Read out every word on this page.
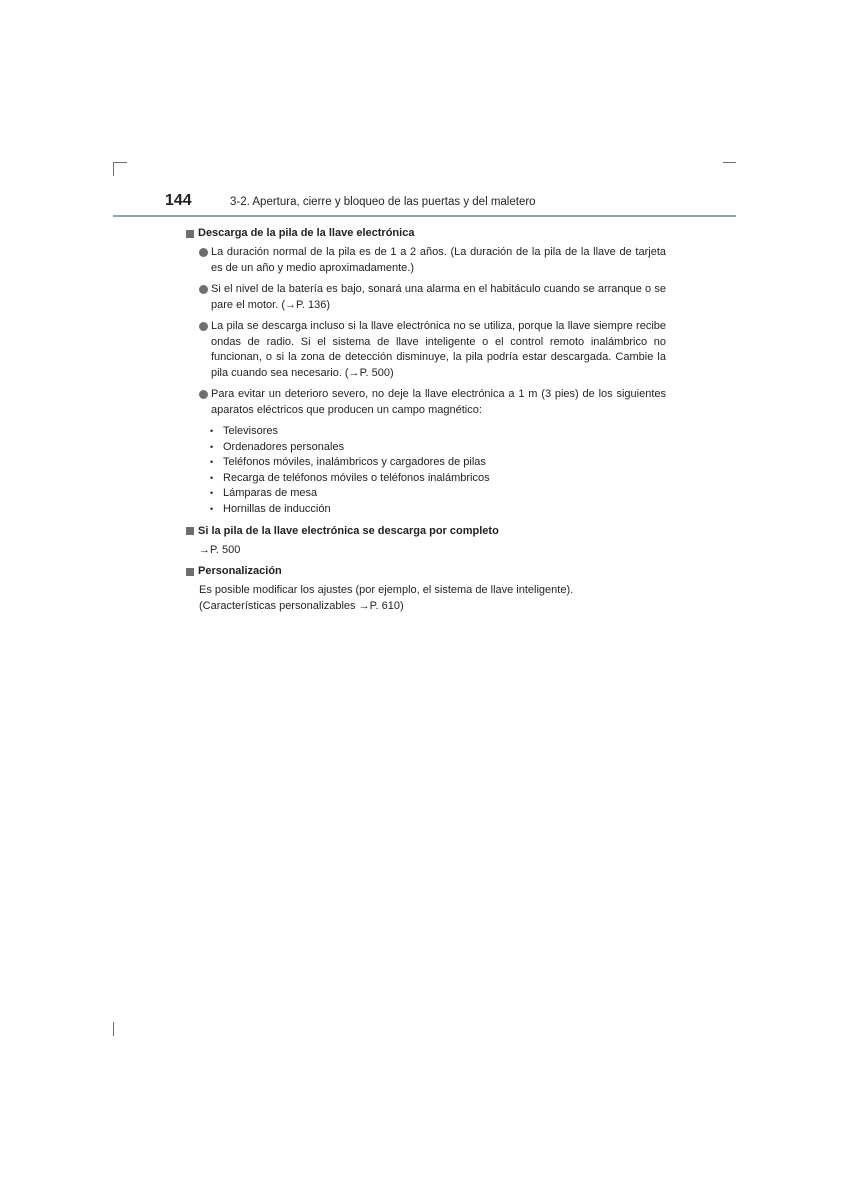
144	3-2. Apertura, cierre y bloqueo de las puertas y del maletero
Descarga de la pila de la llave electrónica
La duración normal de la pila es de 1 a 2 años. (La duración de la pila de la llave de tarjeta es de un año y medio aproximadamente.)
Si el nivel de la batería es bajo, sonará una alarma en el habitáculo cuando se arranque o se pare el motor. (→P. 136)
La pila se descarga incluso si la llave electrónica no se utiliza, porque la llave siempre recibe ondas de radio. Si el sistema de llave inteligente o el control remoto inalámbrico no funcionan, o si la zona de detección disminuye, la pila podría estar descargada. Cambie la pila cuando sea necesario. (→P. 500)
Para evitar un deterioro severo, no deje la llave electrónica a 1 m (3 pies) de los siguientes aparatos eléctricos que producen un campo magnético:
• Televisores
• Ordenadores personales
• Teléfonos móviles, inalámbricos y cargadores de pilas
• Recarga de teléfonos móviles o teléfonos inalámbricos
• Lámparas de mesa
• Hornillas de inducción
Si la pila de la llave electrónica se descarga por completo
→P. 500
Personalización
Es posible modificar los ajustes (por ejemplo, el sistema de llave inteligente).
(Características personalizables →P. 610)
